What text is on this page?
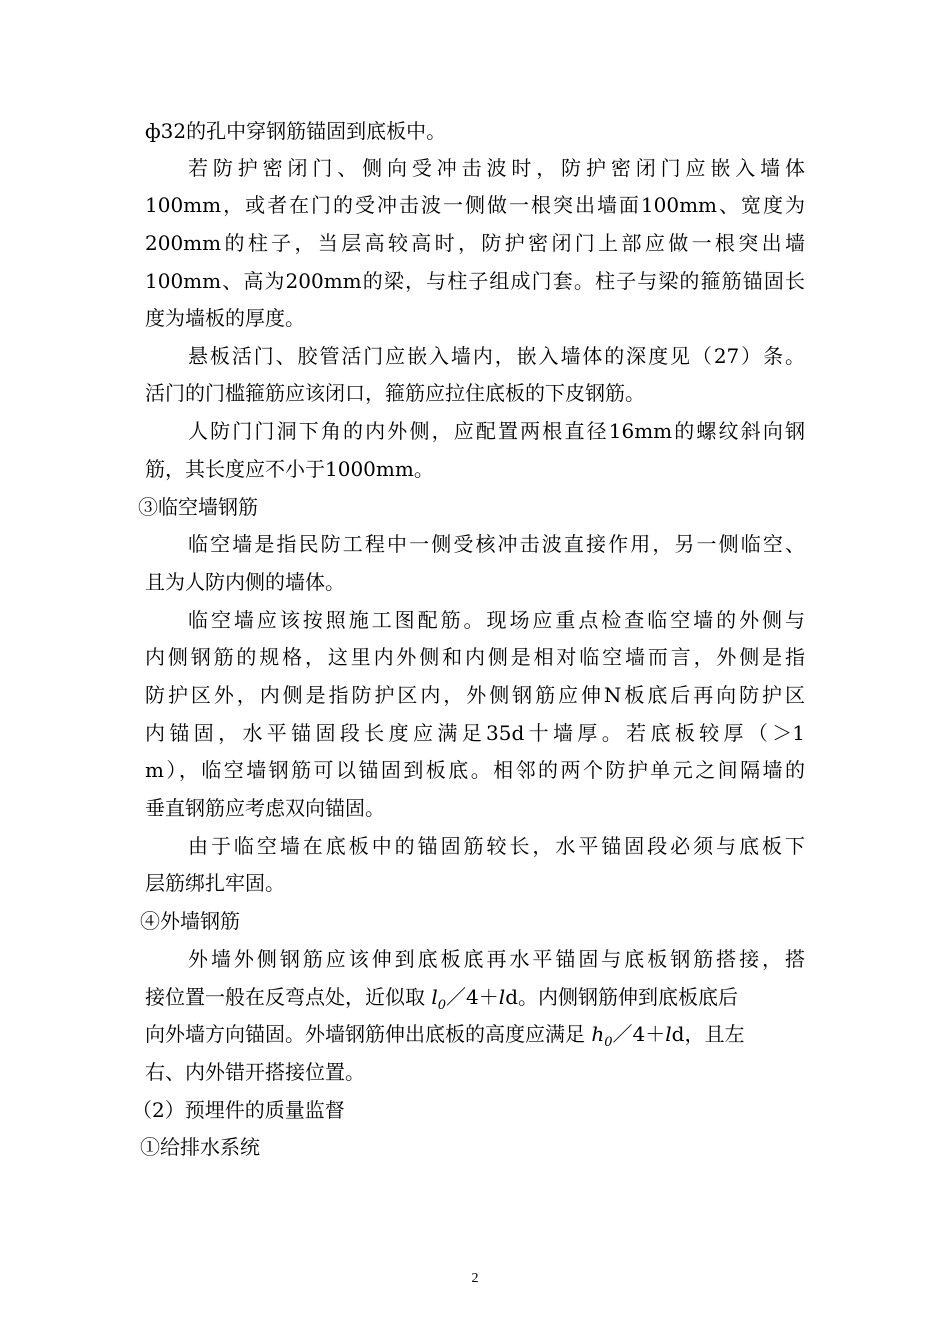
ф32的孔中穿钢筋锚固到底板中。
若防护密闭门、侧向受冲击波时，防护密闭门应嵌入墙体
100mm，或者在门的受冲击波一侧做一根突出墙面100mm、宽度为
200mm的柱子，当层高较高时，防护密闭门上部应做一根突出墙
100mm、高为200mm的梁，与柱子组成门套。柱子与梁的箍筋锚固长
度为墙板的厚度。
悬板活门、胶管活门应嵌入墙内，嵌入墙体的深度见（27）条。
活门的门槛箍筋应该闭口，箍筋应拉住底板的下皮钢筋。
人防门门洞下角的内外侧，应配置两根直径16mm的螺纹斜向钢
筋，其长度应不小于1000mm。
③临空墙钢筋
临空墙是指民防工程中一侧受核冲击波直接作用，另一侧临空、
且为人防内侧的墙体。
临空墙应该按照施工图配筋。现场应重点检查临空墙的外侧与
内侧钢筋的规格，这里内外侧和内侧是相对临空墙而言，外侧是指
防护区外，内侧是指防护区内，外侧钢筋应伸N板底后再向防护区
内锚固，水平锚固段长度应满足35d十墙厚。若底板较厚（＞1
m），临空墙钢筋可以锚固到板底。相邻的两个防护单元之间隔墙的
垂直钢筋应考虑双向锚固。
由于临空墙在底板中的锚固筋较长，水平锚固段必须与底板下
层筋绑扎牢固。
④外墙钢筋
外墙外侧钢筋应该伸到底板底再水平锚固与底板钢筋搭接，搭
接位置一般在反弯点处，近似取 $l_0/4+ld$。内侧钢筋伸到底板底后
向外墙方向锚固。外墙钢筋伸出底板的高度应满足 $h_0/4+ld$，且左
右、内外错开搭接位置。
（2）预埋件的质量监督
①给排水系统
2
